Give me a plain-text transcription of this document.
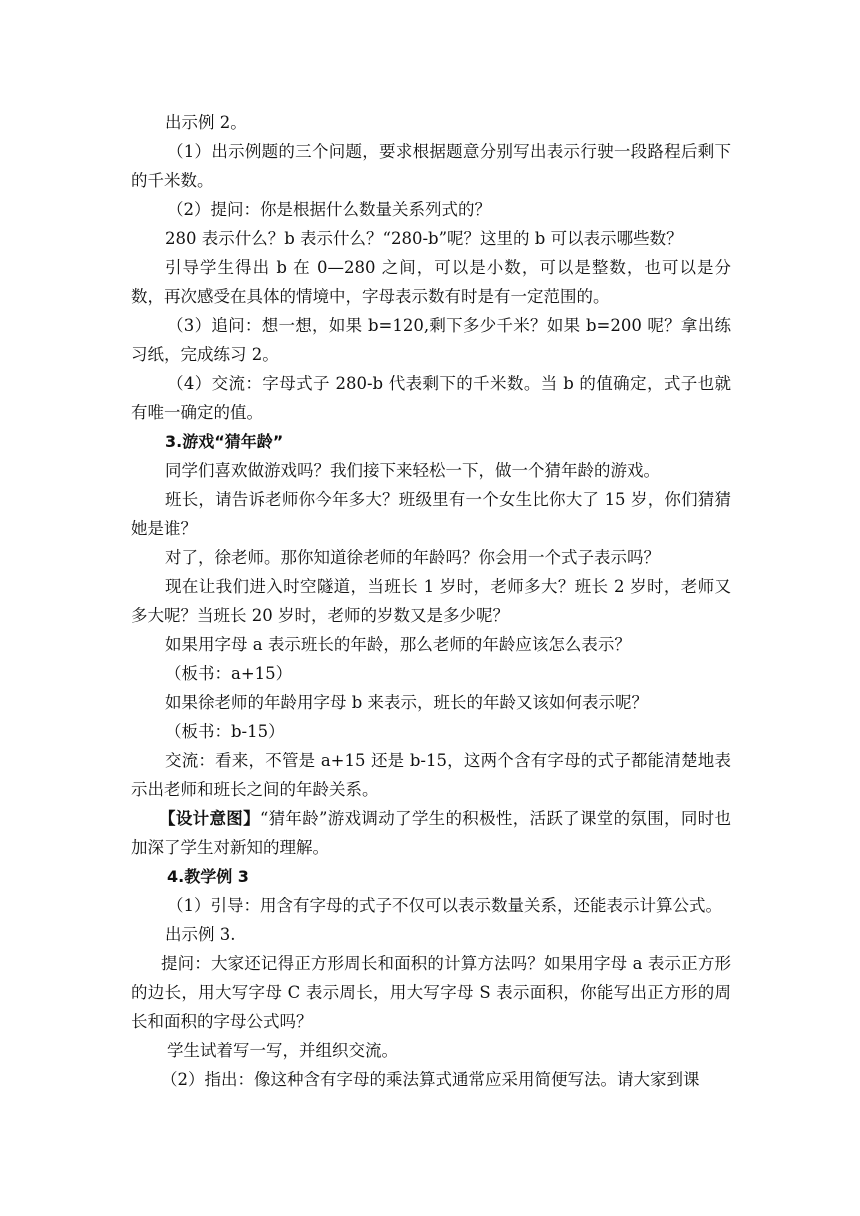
出示例 2。

（1）出示例题的三个问题，要求根据题意分别写出表示行驶一段路程后剩下的千米数。

（2）提问：你是根据什么数量关系列式的？

280 表示什么？b 表示什么？“280-b”呢？这里的 b 可以表示哪些数？

引导学生得出 b 在 0—280 之间，可以是小数，可以是整数，也可以是分数，再次感受在具体的情境中，字母表示数有时是有一定范围的。

（3）追问：想一想，如果 b=120,剩下多少千米？如果 b=200 呢？拿出练习纸，完成练习 2。

（4）交流：字母式子 280-b 代表剩下的千米数。当 b 的值确定，式子也就有唯一确定的值。

3.游戏“猜年龄”

同学们喜欢做游戏吗？我们接下来轻松一下，做一个猜年龄的游戏。

班长，请告诉老师你今年多大？班级里有一个女生比你大了 15 岁，你们猜猜她是谁？

对了，徐老师。那你知道徐老师的年龄吗？你会用一个式子表示吗？

现在让我们进入时空隧道，当班长 1 岁时，老师多大？班长 2 岁时，老师又多大呢？当班长 20 岁时，老师的岁数又是多少呢？

如果用字母 a 表示班长的年龄，那么老师的年龄应该怎么表示？

（板书：a+15）

如果徐老师的年龄用字母 b 来表示，班长的年龄又该如何表示呢？

（板书：b-15）

交流：看来，不管是 a+15 还是 b-15，这两个含有字母的式子都能清楚地表示出老师和班长之间的年龄关系。

【设计意图】“猜年龄”游戏调动了学生的积极性，活跃了课堂的氛围，同时也加深了学生对新知的理解。

4.教学例 3

（1）引导：用含有字母的式子不仅可以表示数量关系，还能表示计算公式。

出示例 3.

提问：大家还记得正方形周长和面积的计算方法吗？如果用字母 a 表示正方形的边长，用大写字母 C 表示周长，用大写字母 S 表示面积，你能写出正方形的周长和面积的字母公式吗？

学生试着写一写，并组织交流。

（2）指出：像这种含有字母的乘法算式通常应采用简便写法。请大家到课
